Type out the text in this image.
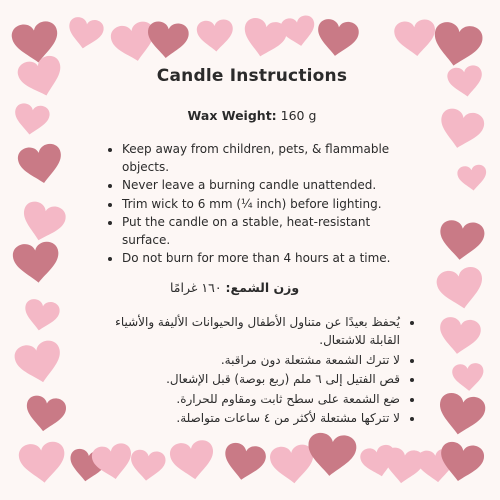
Candle Instructions
Wax Weight: 160 g
• Keep away from children, pets, & flammable objects.
• Never leave a burning candle unattended.
• Trim wick to 6 mm (¼ inch) before lighting.
• Put the candle on a stable, heat-resistant surface.
• Do not burn for more than 4 hours at a time.
وزن الشمع: ١٦٠ غرامًا
• يُحفظ بعيدًا عن متناول الأطفال والحيوانات الأليفة والأشياء القابلة للاشتعال.
• لا تترك الشمعة مشتعلة دون مراقبة.
• قص الفتيل إلى ٦ ملم (ربع بوصة) قبل الإشعال.
• ضع الشمعة على سطح ثابت ومقاوم للحرارة.
• لا تتركها مشتعلة لأكثر من ٤ ساعات متواصلة.
